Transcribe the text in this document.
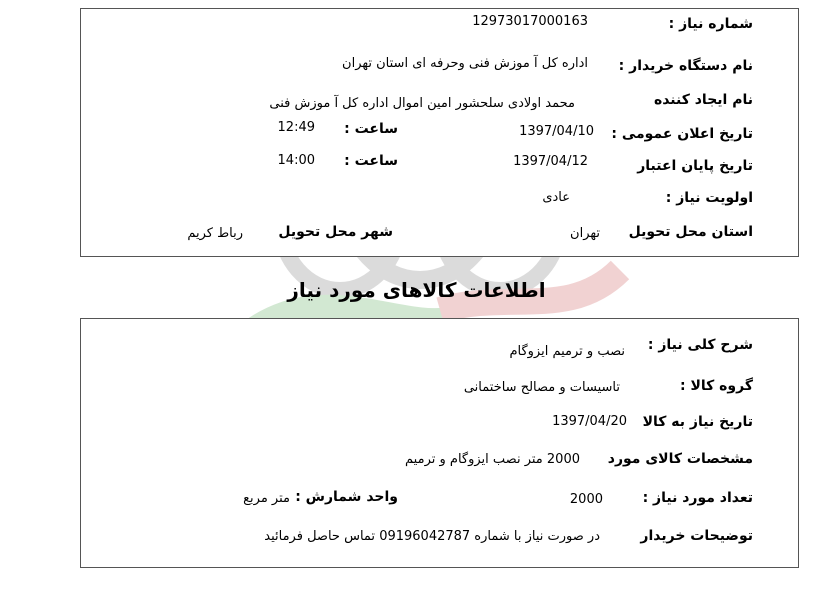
شماره نیاز :
12973017000163
نام دستگاه خریدار :
اداره کل آ موزش فنی وحرفه ای استان تهران
نام ایجاد کننده
محمد اولادی سلحشور امین اموال اداره کل آ موزش فنی
تاریخ اعلان عمومی :
1397/04/10
ساعت :
12:49
تاریخ پایان اعتبار
1397/04/12
ساعت :
14:00
اولویت نیاز :
عادی
استان محل تحویل
تهران
شهر محل تحویل
رباط کریم
اطلاعات کالاهای مورد نیاز
شرح کلی نیاز :
نصب و ترمیم ایزوگام
گروه کالا :
تاسیسات و مصالح ساختمانی
تاریخ نیاز به کالا
1397/04/20
مشخصات کالای مورد
2000 متر نصب ایزوگام و ترمیم
تعداد مورد نیاز :
2000
واحد شمارش :
متر مربع
توضیحات خریدار
در صورت نیاز با شماره 09196042787 تماس حاصل فرمائید
